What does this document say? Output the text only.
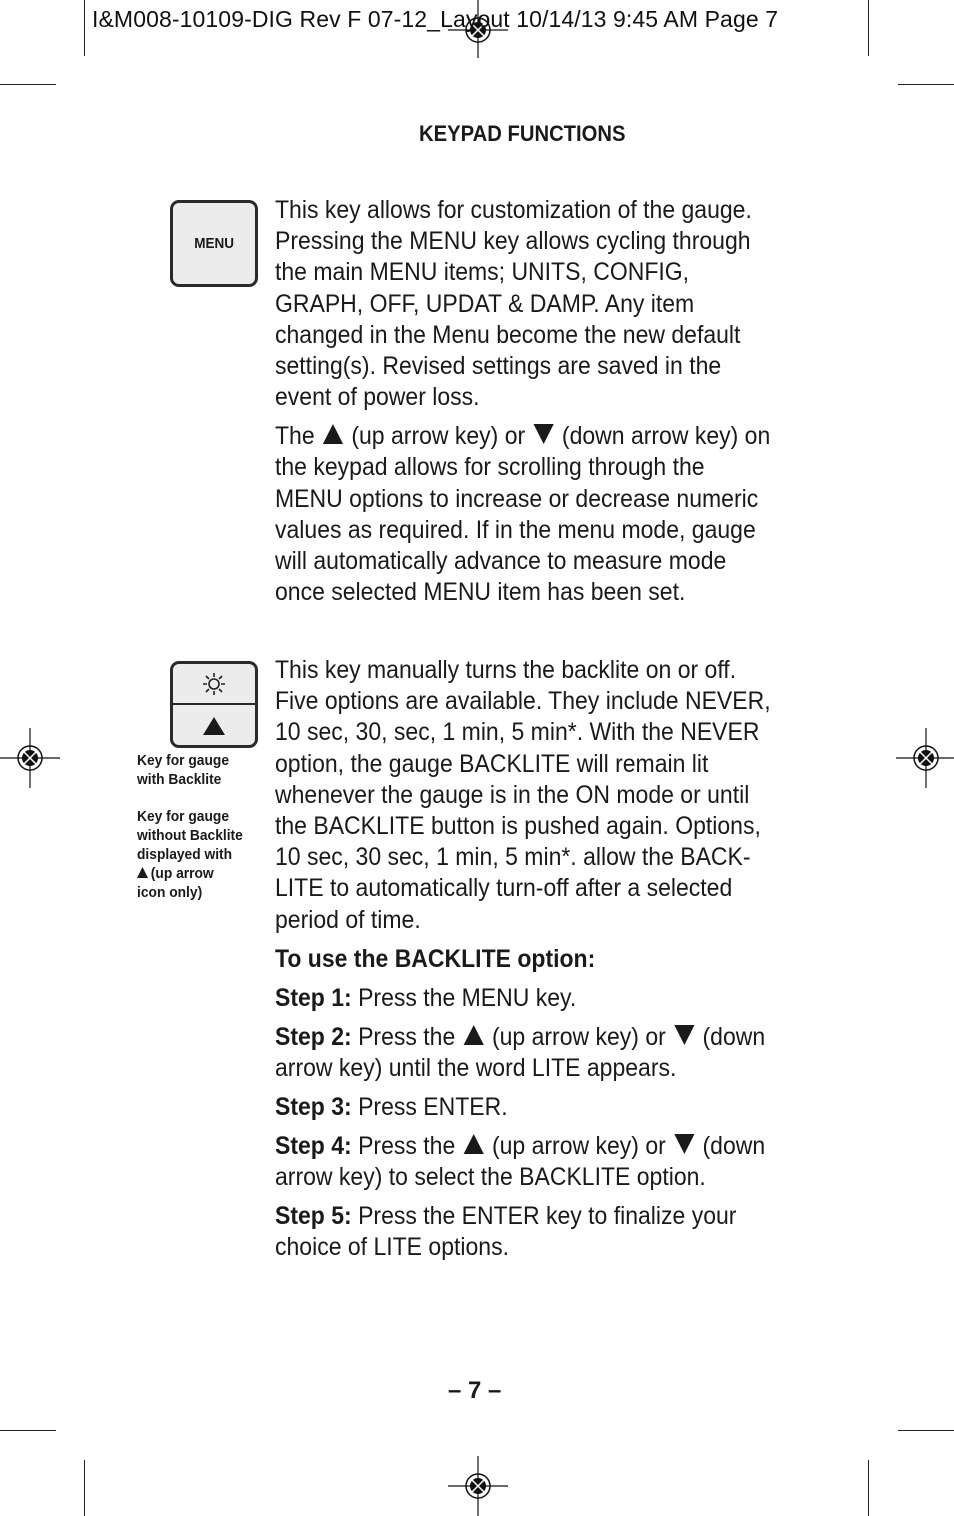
I&M008-10109-DIG Rev F 07-12_Layout 10/14/13 9:45 AM Page 7
KEYPAD FUNCTIONS
MENU

This key allows for customization of the gauge. Pressing the MENU key allows cycling through the main MENU items; UNITS, CONFIG, GRAPH, OFF, UPDAT & DAMP. Any item changed in the Menu become the new default setting(s). Revised settings are saved in the event of power loss.

The (up arrow key) or (down arrow key) on the keypad allows for scrolling through the MENU options to increase or decrease numeric values as required. If in the menu mode, gauge will automatically advance to measure mode once selected MENU item has been set.

Key for gauge
with Backlite
Key for gauge
without Backlite
displayed with
(up arrow
icon only)

This key manually turns the backlite on or off. Five options are available. They include NEVER, 10 sec, 30, sec, 1 min, 5 min*. With the NEVER option, the gauge BACKLITE will remain lit whenever the gauge is in the ON mode or until the BACKLITE button is pushed again. Options, 10 sec, 30 sec, 1 min, 5 min*. allow the BACK-LITE to automatically turn-off after a selected period of time.

To use the BACKLITE option:

Step 1: Press the MENU key.

Step 2: Press the (up arrow key) or (down arrow key) until the word LITE appears.

Step 3: Press ENTER.

Step 4: Press the (up arrow key) or (down arrow key) to select the BACKLITE option.

Step 5: Press the ENTER key to finalize your choice of LITE options.

– 7 –
